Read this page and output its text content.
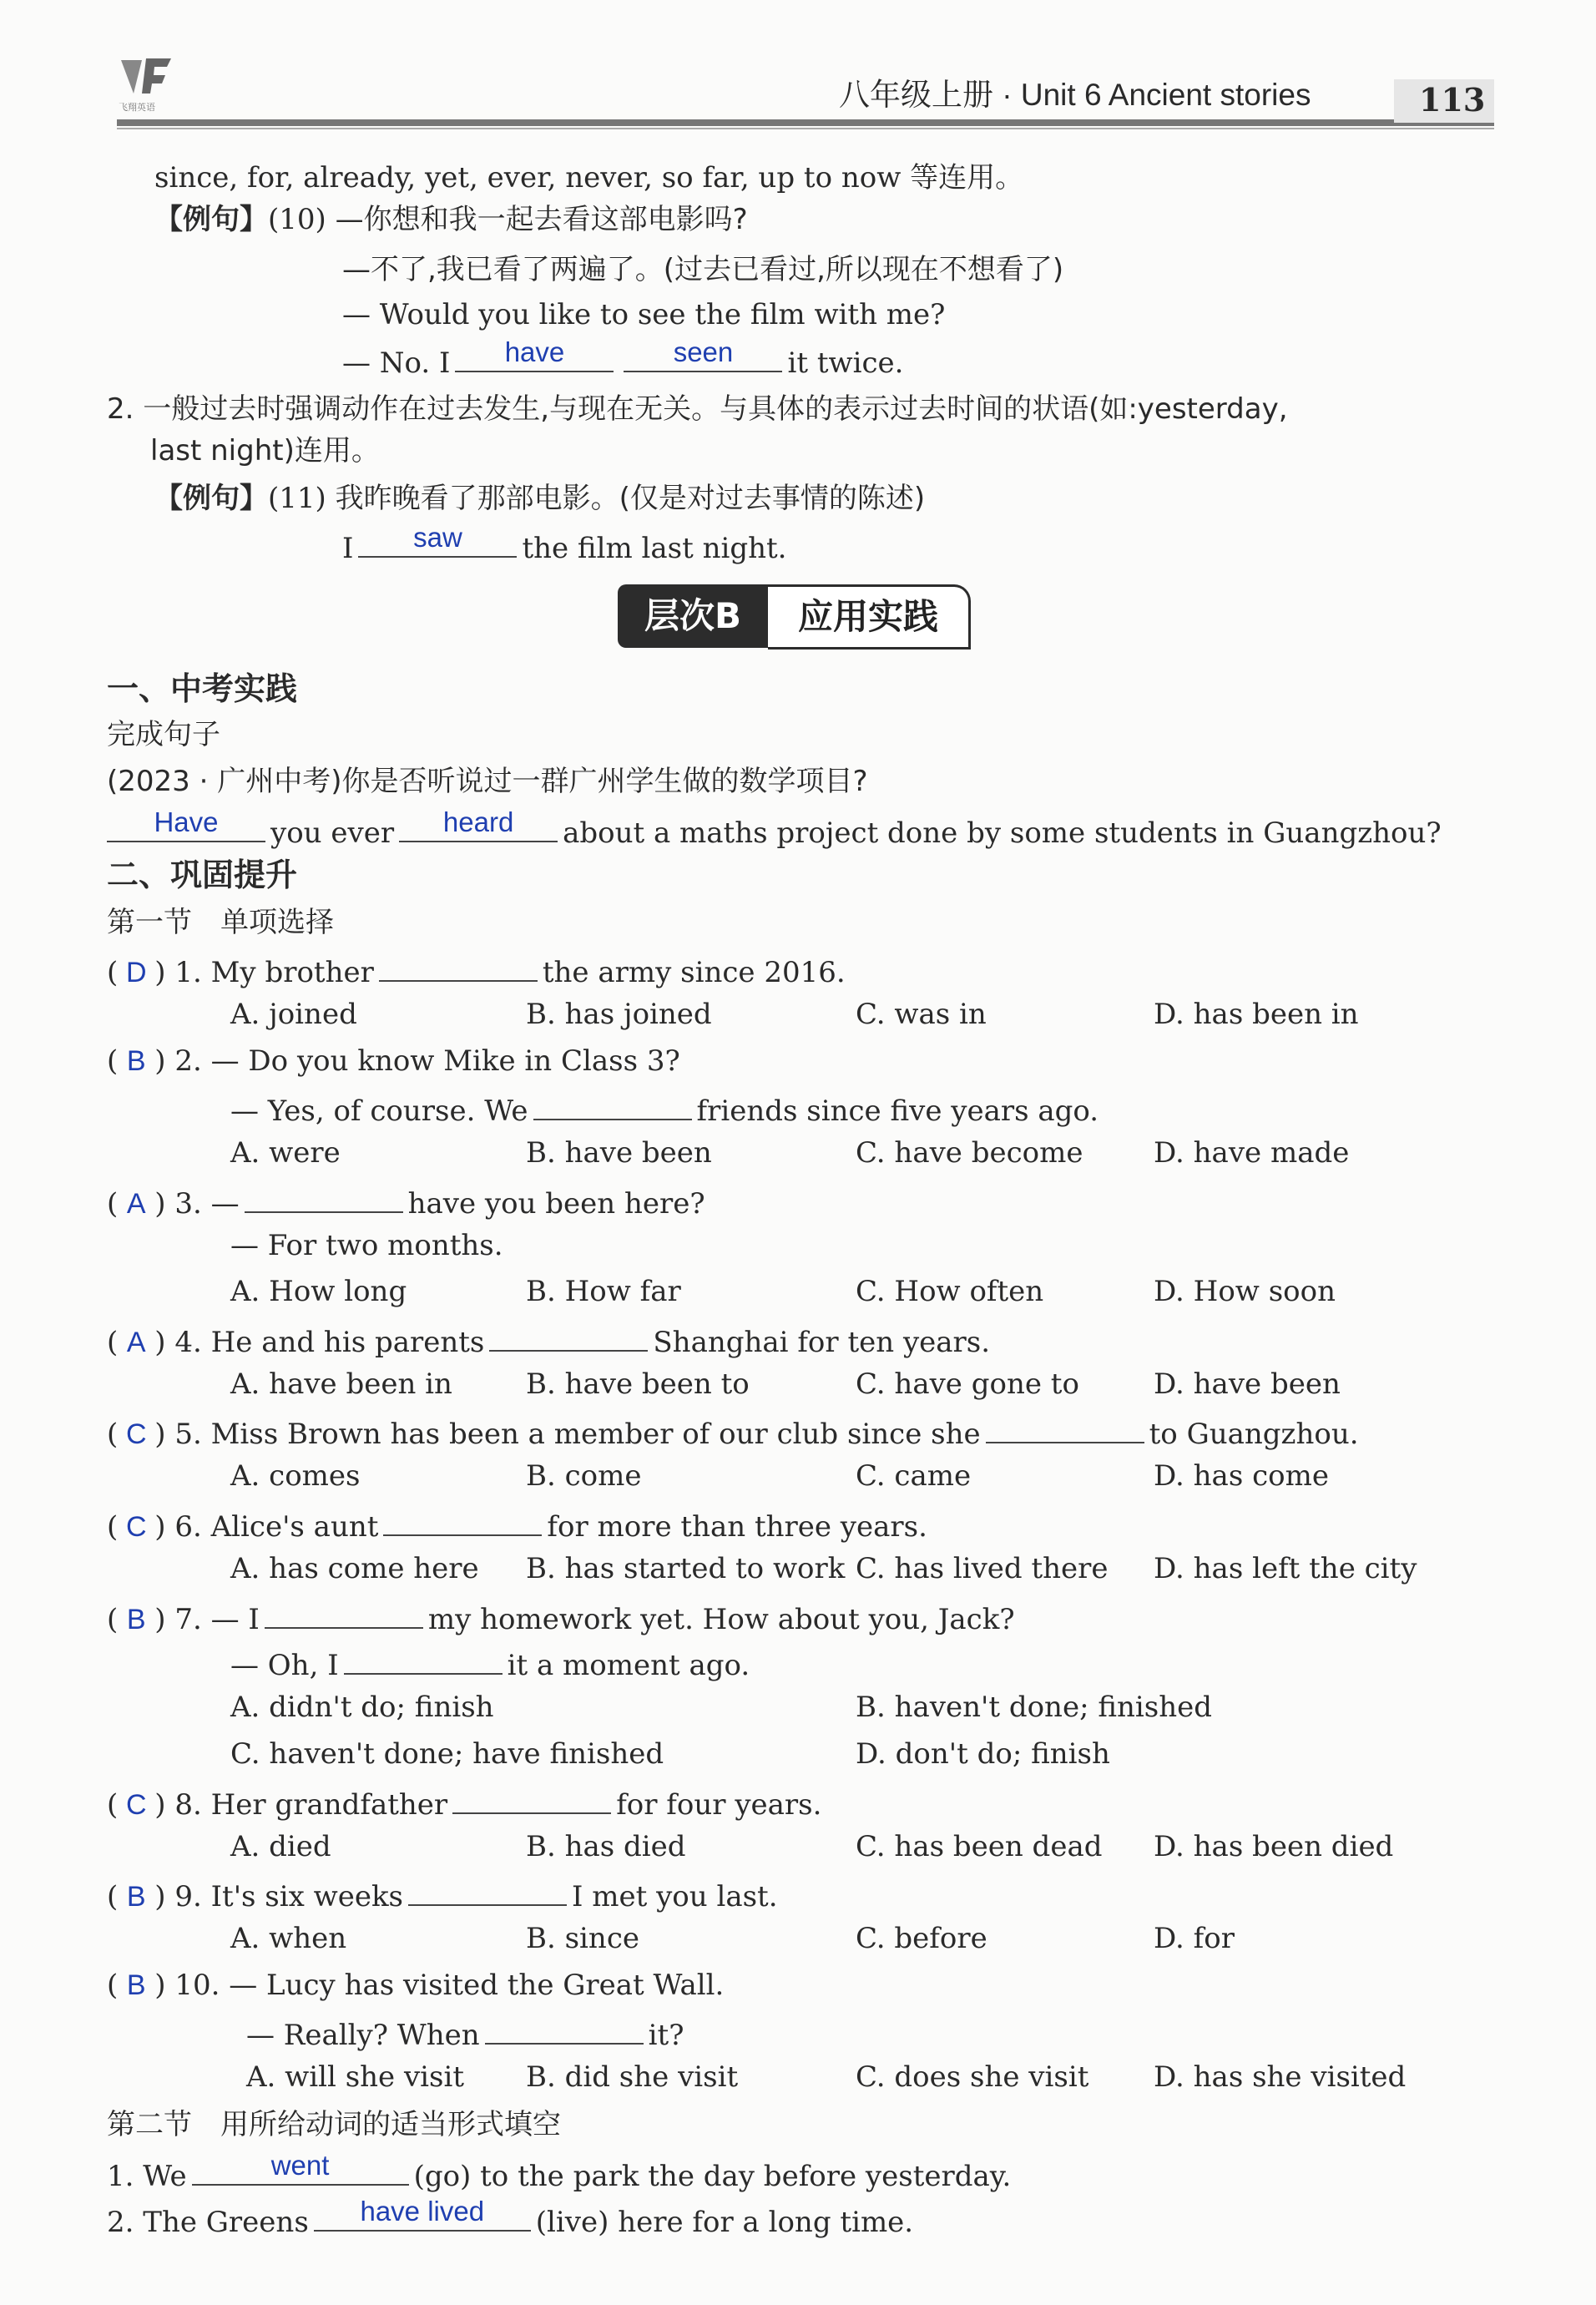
飞翔英语	八年级上册 · Unit 6 Ancient stories	113
since, for, already, yet, ever, never, so far, up to now 等连用。
【例句】(10) —你想和我一起去看这部电影吗?
—不了,我已看了两遍了。(过去已看过,所以现在不想看了)
— Would you like to see the film with me?
— No. I	have	seen	it twice.
2. 一般过去时强调动作在过去发生,与现在无关。与具体的表示过去时间的状语(如:yesterday,
last night)连用。
【例句】(11) 我昨晚看了那部电影。(仅是对过去事情的陈述)
I	saw	the film last night.
层次B	应用实践
一、中考实践
完成句子
(2023 · 广州中考)你是否听说过一群广州学生做的数学项目?
Have	you ever	heard	about a maths project done by some students in Guangzhou?
二、巩固提升
第一节　单项选择
( D ) 1. My brother	the army since 2016.
A. joined	B. has joined	C. was in	D. has been in
( B ) 2. — Do you know Mike in Class 3?
— Yes, of course. We	friends since five years ago.
A. were	B. have been	C. have become D. have made
( A ) 3. —	have you been here?
— For two months.
A. How long	B. How far	C. How often	D. How soon
( A ) 4. He and his parents	Shanghai for ten years.
A. have been in	B. have been to	C. have gone to	D. have been
( C ) 5. Miss Brown has been a member of our club since she	to Guangzhou.
A. comes	B. come	C. came	D. has come
( C ) 6. Alice's aunt	for more than three years.
A. has come here B. has started to work C. has lived there D. has left the city
( B ) 7. — I	my homework yet. How about you, Jack?
— Oh, I	it a moment ago.
A. didn't do; finish	B. haven't done; finished
C. haven't done; have finished	D. don't do; finish
( C ) 8. Her grandfather	for four years.
A. died	B. has died	C. has been dead D. has been died
( B ) 9. It's six weeks	I met you last.
A. when	B. since	C. before	D. for
( B ) 10. — Lucy has visited the Great Wall.
— Really? When	it?
A. will she visit B. did she visit	C. does she visit D. has she visited
第二节　用所给动词的适当形式填空
1. We	went	(go) to the park the day before yesterday.
2. The Greens	have lived	(live) here for a long time.
